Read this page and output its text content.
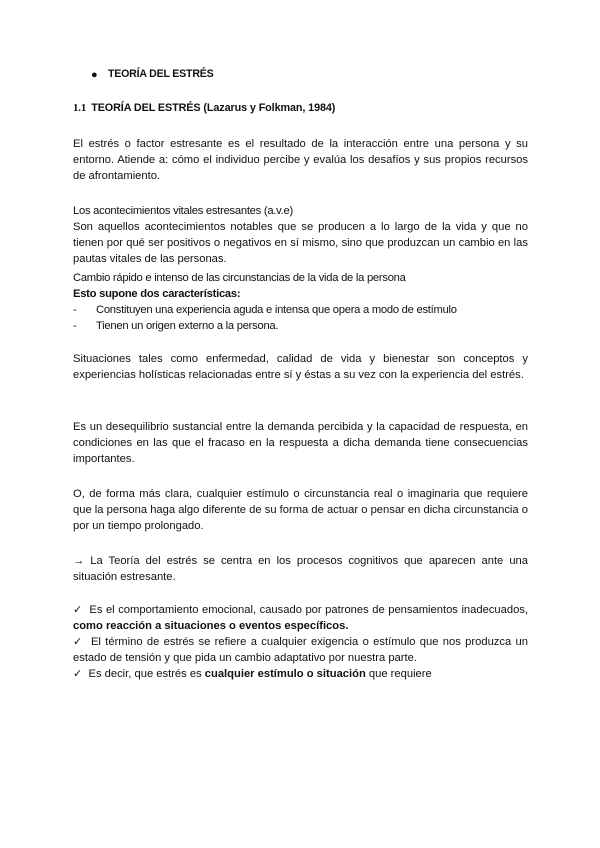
● TEORÍA DEL ESTRÉS
1.1 TEORÍA DEL ESTRÉS (Lazarus y Folkman, 1984)
El estrés o factor estresante es el resultado de la interacción entre una persona y su entorno. Atiende a: cómo el individuo percibe y evalúa los desafíos y sus propios recursos de afrontamiento.
Los acontecimientos vitales estresantes (a.v.e)
Son aquellos acontecimientos notables que se producen a lo largo de la vida y que no tienen por qué ser positivos o negativos en sí mismo, sino que produzcan un cambio en las pautas vitales de las personas.
Cambio rápido e intenso de las circunstancias de la vida de la persona
Esto supone dos características:
-	Constituyen una experiencia aguda e intensa que opera a modo de estímulo
-	Tienen un origen externo a la persona.
Situaciones tales como enfermedad, calidad de vida y bienestar son conceptos y experiencias holísticas relacionadas entre sí y éstas a su vez con la experiencia del estrés.
Es un desequilibrio sustancial entre la demanda percibida y la capacidad de respuesta, en condiciones en las que el fracaso en la respuesta a dicha demanda tiene consecuencias importantes.
O, de forma más clara, cualquier estímulo o circunstancia real o imaginaria que requiere que la persona haga algo diferente de su forma de actuar o pensar en dicha circunstancia o por un tiempo prolongado.
→ La Teoría del estrés se centra en los procesos cognitivos que aparecen ante una situación estresante.
✓ Es el comportamiento emocional, causado por patrones de pensamientos inadecuados, como reacción a situaciones o eventos específicos.
✓ El término de estrés se refiere a cualquier exigencia o estímulo que nos produzca un estado de tensión y que pida un cambio adaptativo por nuestra parte.
✓ Es decir, que estrés es cualquier estímulo o situación que requiere
